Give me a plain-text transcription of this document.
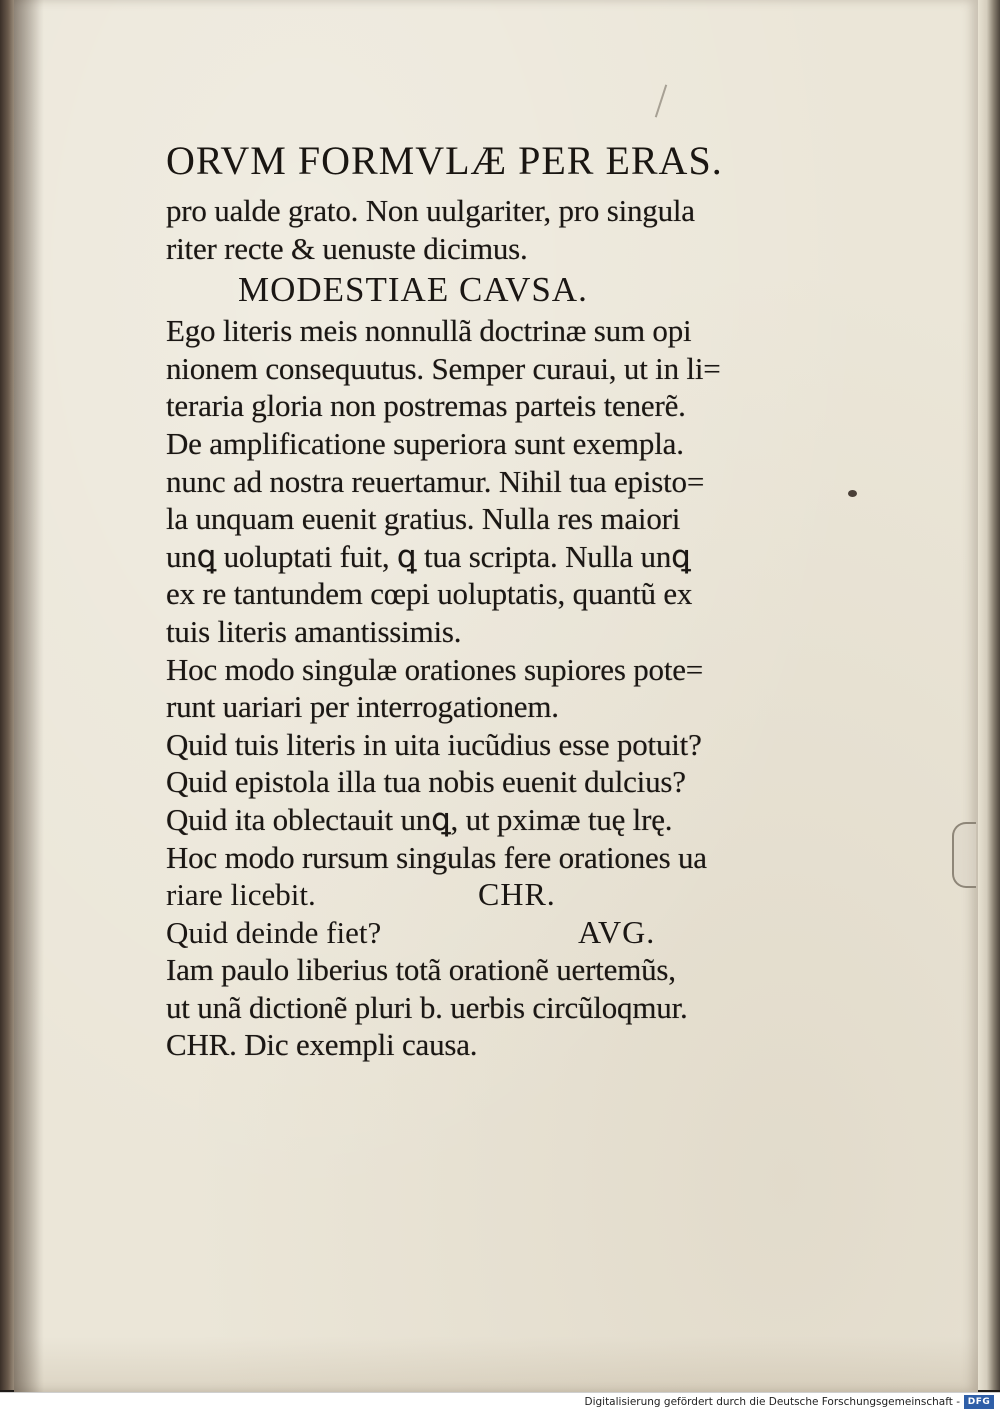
ORVM FORMVLÆ PER ERAS.
pro ualde grato. Non uulgariter, pro singula
riter recte & uenuste dicimus.
MODESTIAE CAVSA.
Ego literis meis nonnullã doctrinæ sum opi
nionem consequutus. Semper curaui, ut in li=
teraria gloria non postremas parteis tenerẽ.
De amplificatione superiora sunt exempla.
nunc ad nostra reuertamur. Nihil tua episto=
la unquam euenit gratius. Nulla res maiori
unꝗ uoluptati fuit, ꝗ tua scripta. Nulla unꝗ
ex re tantundem cœpi uoluptatis, quantũ ex
tuis literis amantissimis.
Hoc modo singulæ orationes supiores pote=
runt uariari per interrogationem.
Quid tuis literis in uita iucũdius esse potuit?
Quid epistola illa tua nobis euenit dulcius?
Quid ita oblectauit unꝗ, ut pximæ tuę lrę.
Hoc modo rursum singulas fere orationes ua
riare licebit.	CHR.
Quid deinde fiet?	AVG.
Iam paulo liberius totã orationẽ uertemũs,
ut unã dictionẽ pluri b. uerbis circũloqmur.
CHR. Dic exempli causa.
Digitalisierung gefördert durch die Deutsche Forschungsgemeinschaft - DFG
